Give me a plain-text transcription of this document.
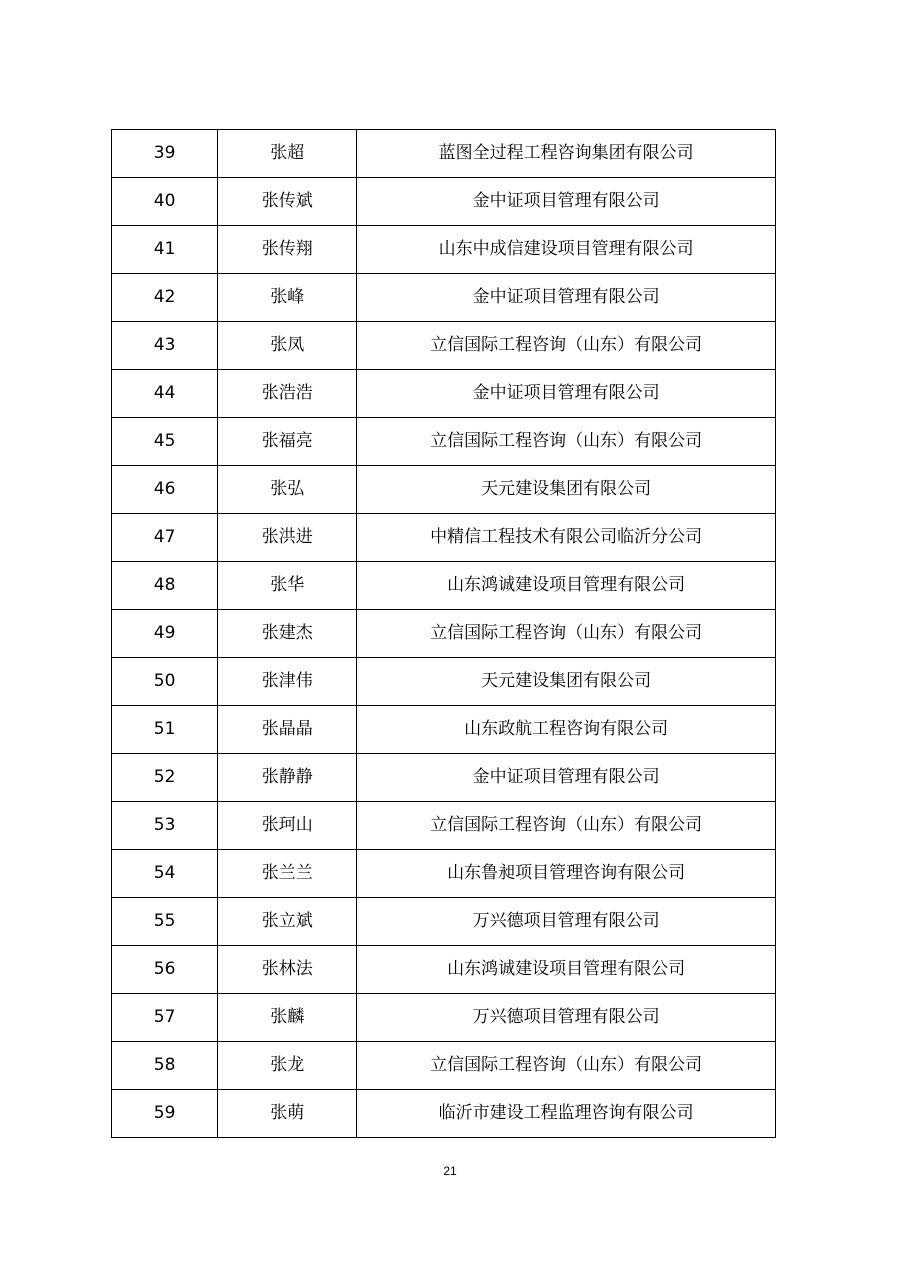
39	张超	蓝图全过程工程咨询集团有限公司
40	张传斌	金中证项目管理有限公司
41	张传翔	山东中成信建设项目管理有限公司
42	张峰	金中证项目管理有限公司
43	张凤	立信国际工程咨询（山东）有限公司
44	张浩浩	金中证项目管理有限公司
45	张福亮	立信国际工程咨询（山东）有限公司
46	张弘	天元建设集团有限公司
47	张洪进	中精信工程技术有限公司临沂分公司
48	张华	山东鸿诚建设项目管理有限公司
49	张建杰	立信国际工程咨询（山东）有限公司
50	张津伟	天元建设集团有限公司
51	张晶晶	山东政航工程咨询有限公司
52	张静静	金中证项目管理有限公司
53	张珂山	立信国际工程咨询（山东）有限公司
54	张兰兰	山东鲁昶项目管理咨询有限公司
55	张立斌	万兴德项目管理有限公司
56	张林法	山东鸿诚建设项目管理有限公司
57	张麟	万兴德项目管理有限公司
58	张龙	立信国际工程咨询（山东）有限公司
59	张萌	临沂市建设工程监理咨询有限公司
21
